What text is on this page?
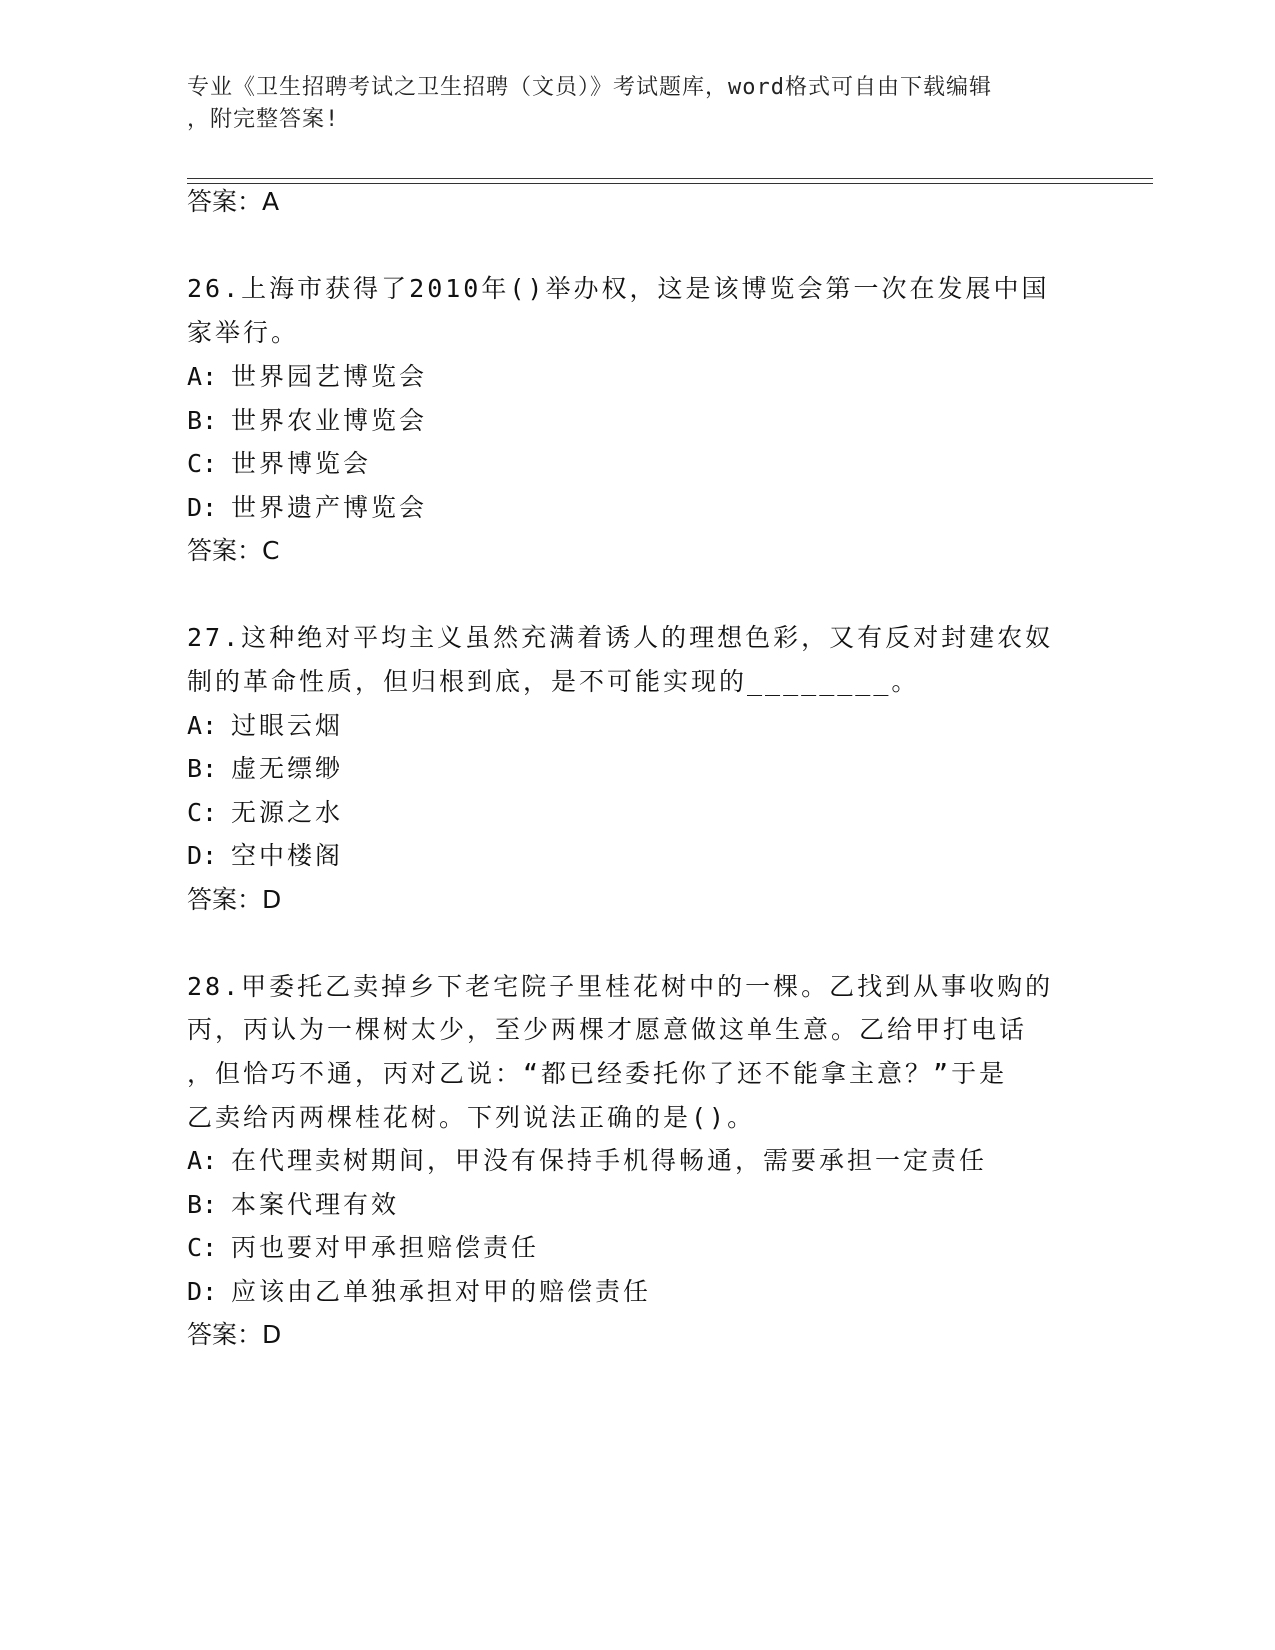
专业《卫生招聘考试之卫生招聘（文员）》考试题库，word格式可自由下载编辑
，附完整答案!
答案：A
26.上海市获得了2010年()举办权，这是该博览会第一次在发展中国
家举行。
A: 世界园艺博览会
B: 世界农业博览会
C: 世界博览会
D: 世界遗产博览会
答案：C
27.这种绝对平均主义虽然充满着诱人的理想色彩，又有反对封建农奴
制的革命性质，但归根到底，是不可能实现的________。
A: 过眼云烟
B: 虚无缥缈
C: 无源之水
D: 空中楼阁
答案：D
28.甲委托乙卖掉乡下老宅院子里桂花树中的一棵。乙找到从事收购的
丙，丙认为一棵树太少，至少两棵才愿意做这单生意。乙给甲打电话
，但恰巧不通，丙对乙说：“都已经委托你了还不能拿主意？”于是
乙卖给丙两棵桂花树。下列说法正确的是()。
A: 在代理卖树期间，甲没有保持手机得畅通，需要承担一定责任
B: 本案代理有效
C: 丙也要对甲承担赔偿责任
D: 应该由乙单独承担对甲的赔偿责任
答案：D
